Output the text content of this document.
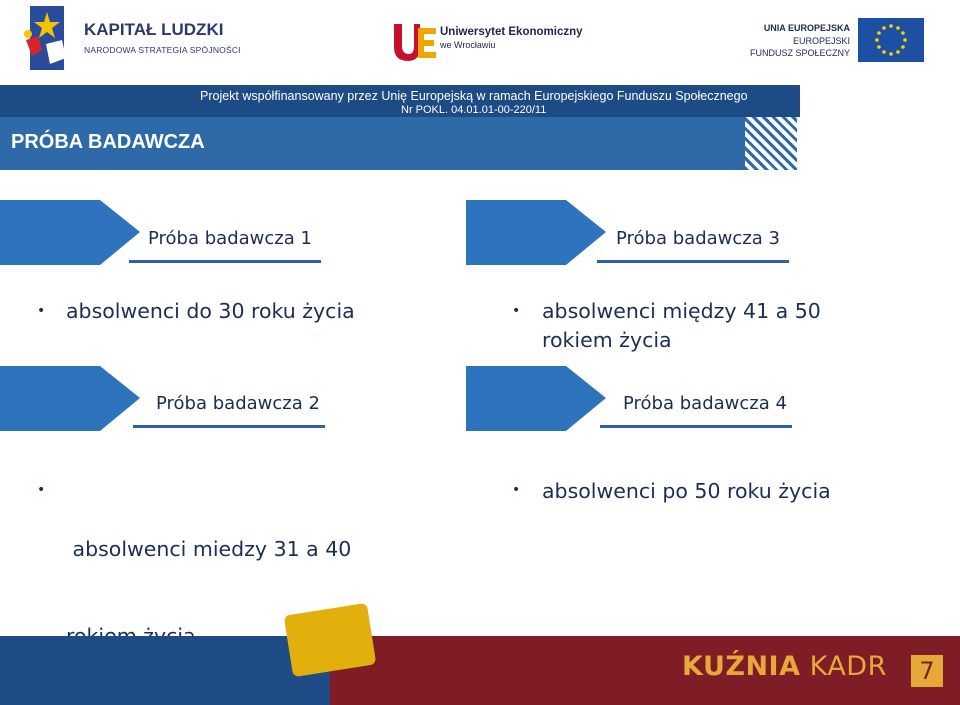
KAPITAŁ LUDZKI
NARODOWA STRATEGIA SPÓJNOŚCI
Uniwersytet Ekonomiczny
we Wrocławiu
UNIA EUROPEJSKA
EUROPEJSKI
FUNDUSZ SPOŁECZNY
Projekt współfinansowany przez Unię Europejską w ramach Europejskiego Funduszu Społecznego
Nr POKL. 04.01.01-00-220/11
PRÓBA BADAWCZA
Próba badawcza 1
• absolwenci do 30 roku życia
Próba badawcza 3
• absolwenci między 41 a 50
rokiem życia
Próba badawcza 2
•

absolwenci miedzy 31 a 40

Próba badawcza 4
• absolwenci po 50 roku życia
KUŹNIA KADR	7
